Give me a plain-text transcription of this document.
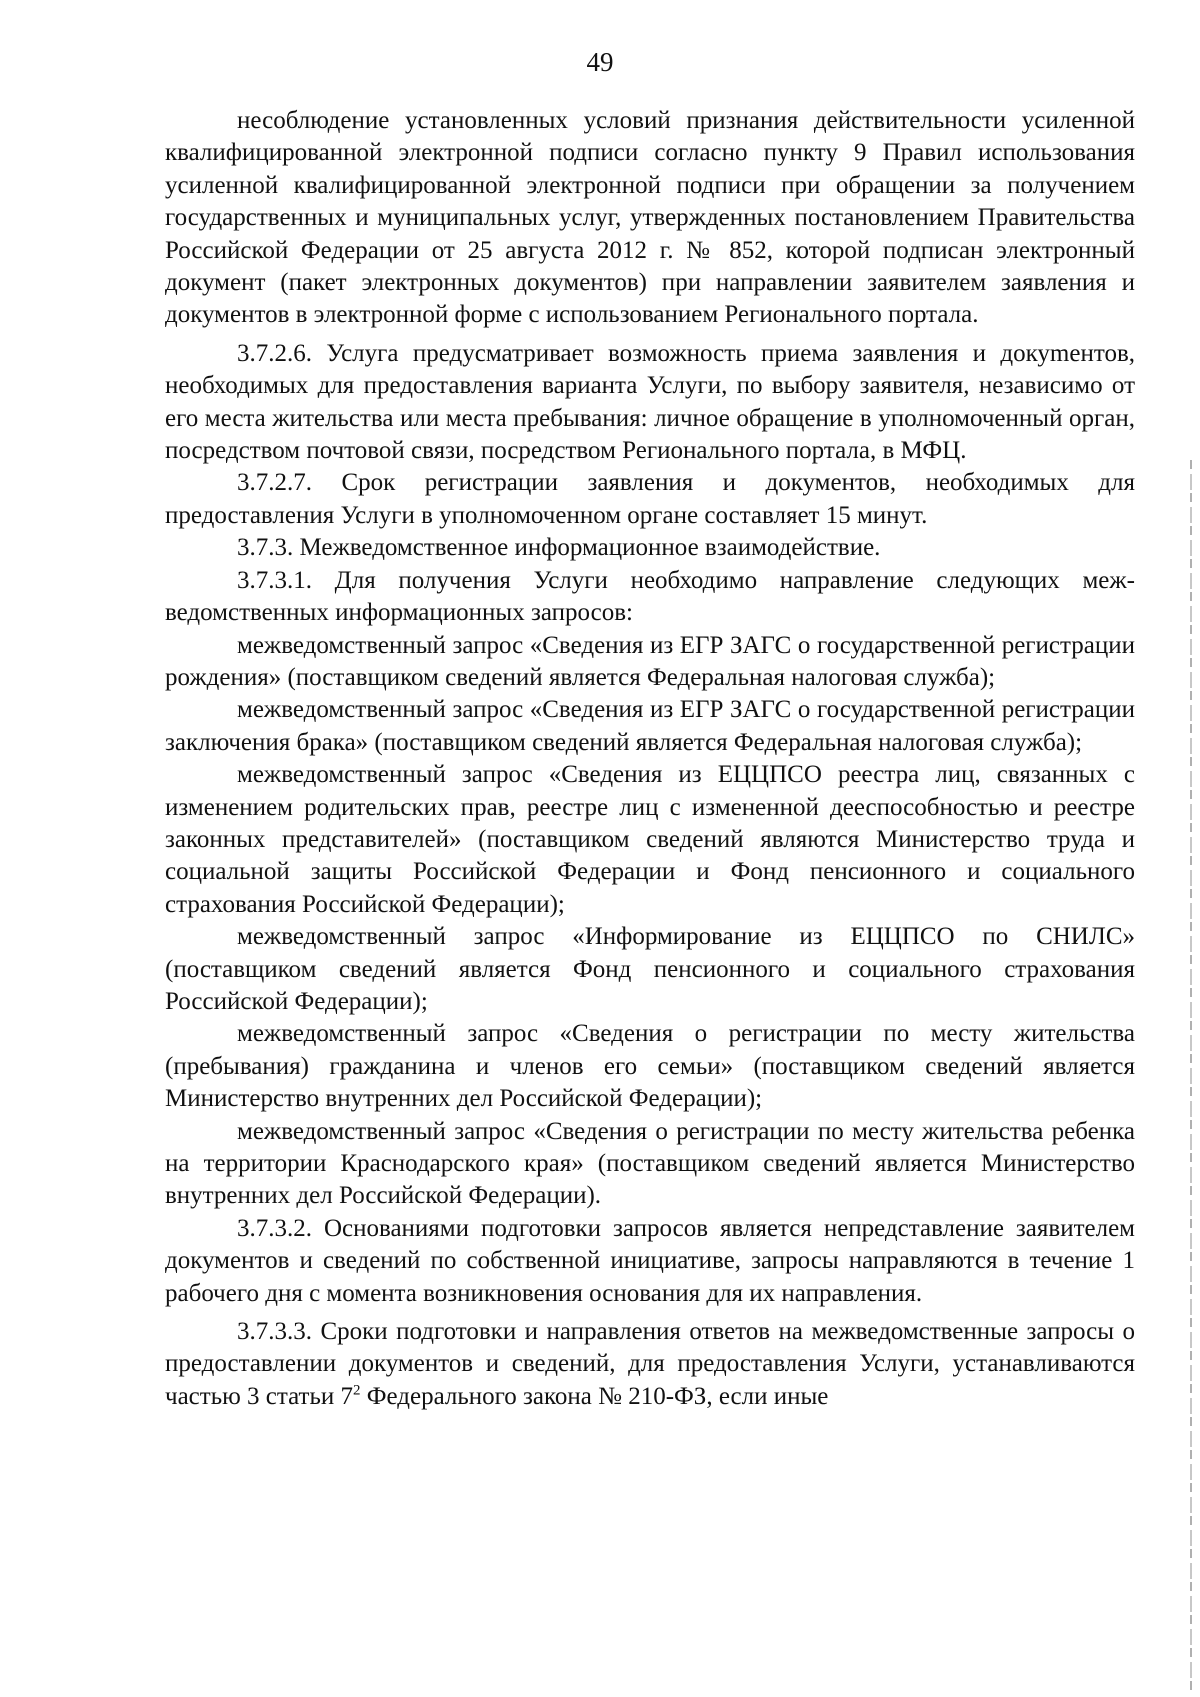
49

несоблюдение установленных условий признания действительности усиленной квалифицированной электронной подписи согласно пункту 9 Правил использования усиленной квалифицированной электронной подписи при обращении за получением государственных и муниципальных услуг, утвержденных постановлением Правительства Российской Федерации от 25 августа 2012 г. № 852, которой подписан электронный документ (пакет электронных документов) при направлении заявителем заявления и документов в электронной форме с использованием Регионального портала.

3.7.2.6. Услуга предусматривает возможность приема заявления и докуmентов, необходимых для предоставления варианта Услуги, по выбору заявителя, независимо от его места жительства или места пребывания: личное обращение в уполномоченный орган, посредством почтовой связи, посредством Регионального портала, в МФЦ.

3.7.2.7. Срок регистрации заявления и документов, необходимых для предоставления Услуги в уполномоченном органе составляет 15 минут.

3.7.3. Межведомственное информационное взаимодействие.

3.7.3.1. Для получения Услуги необходимо направление следующих межведомственных информационных запросов:

межведомственный запрос «Сведения из ЕГР ЗАГС о государственной регистрации рождения» (поставщиком сведений является Федеральная налоговая служба);

межведомственный запрос «Сведения из ЕГР ЗАГС о государственной регистрации заключения брака» (поставщиком сведений является Федеральная налоговая служба);

межведомственный запрос «Сведения из ЕЦЦПСО реестра лиц, связанных с изменением родительских прав, реестре лиц с измененной дееспособностью и реестре законных представителей» (поставщиком сведений являются Министерство труда и социальной защиты Российской Федерации и Фонд пенсионного и социального страхования Российской Федерации);

межведомственный запрос «Информирование из ЕЦЦПСО по СНИЛС» (поставщиком сведений является Фонд пенсионного и социального страхования Российской Федерации);

межведомственный запрос «Сведения о регистрации по месту жительства (пребывания) гражданина и членов его семьи» (поставщиком сведений является Министерство внутренних дел Российской Федерации);

межведомственный запрос «Сведения о регистрации по месту жительства ребенка на территории Краснодарского края» (поставщиком сведений является Министерство внутренних дел Российской Федерации).

3.7.3.2. Основаниями подготовки запросов является непредставление заявителем документов и сведений по собственной инициативе, запросы направляются в течение 1 рабочего дня с момента возникновения основания для их направления.

3.7.3.3. Сроки подготовки и направления ответов на межведомственные запросы о предоставлении документов и сведений, для предоставления Услуги, устанавливаются частью 3 статьи $7^2$ Федерального закона № 210-ФЗ, если иные
